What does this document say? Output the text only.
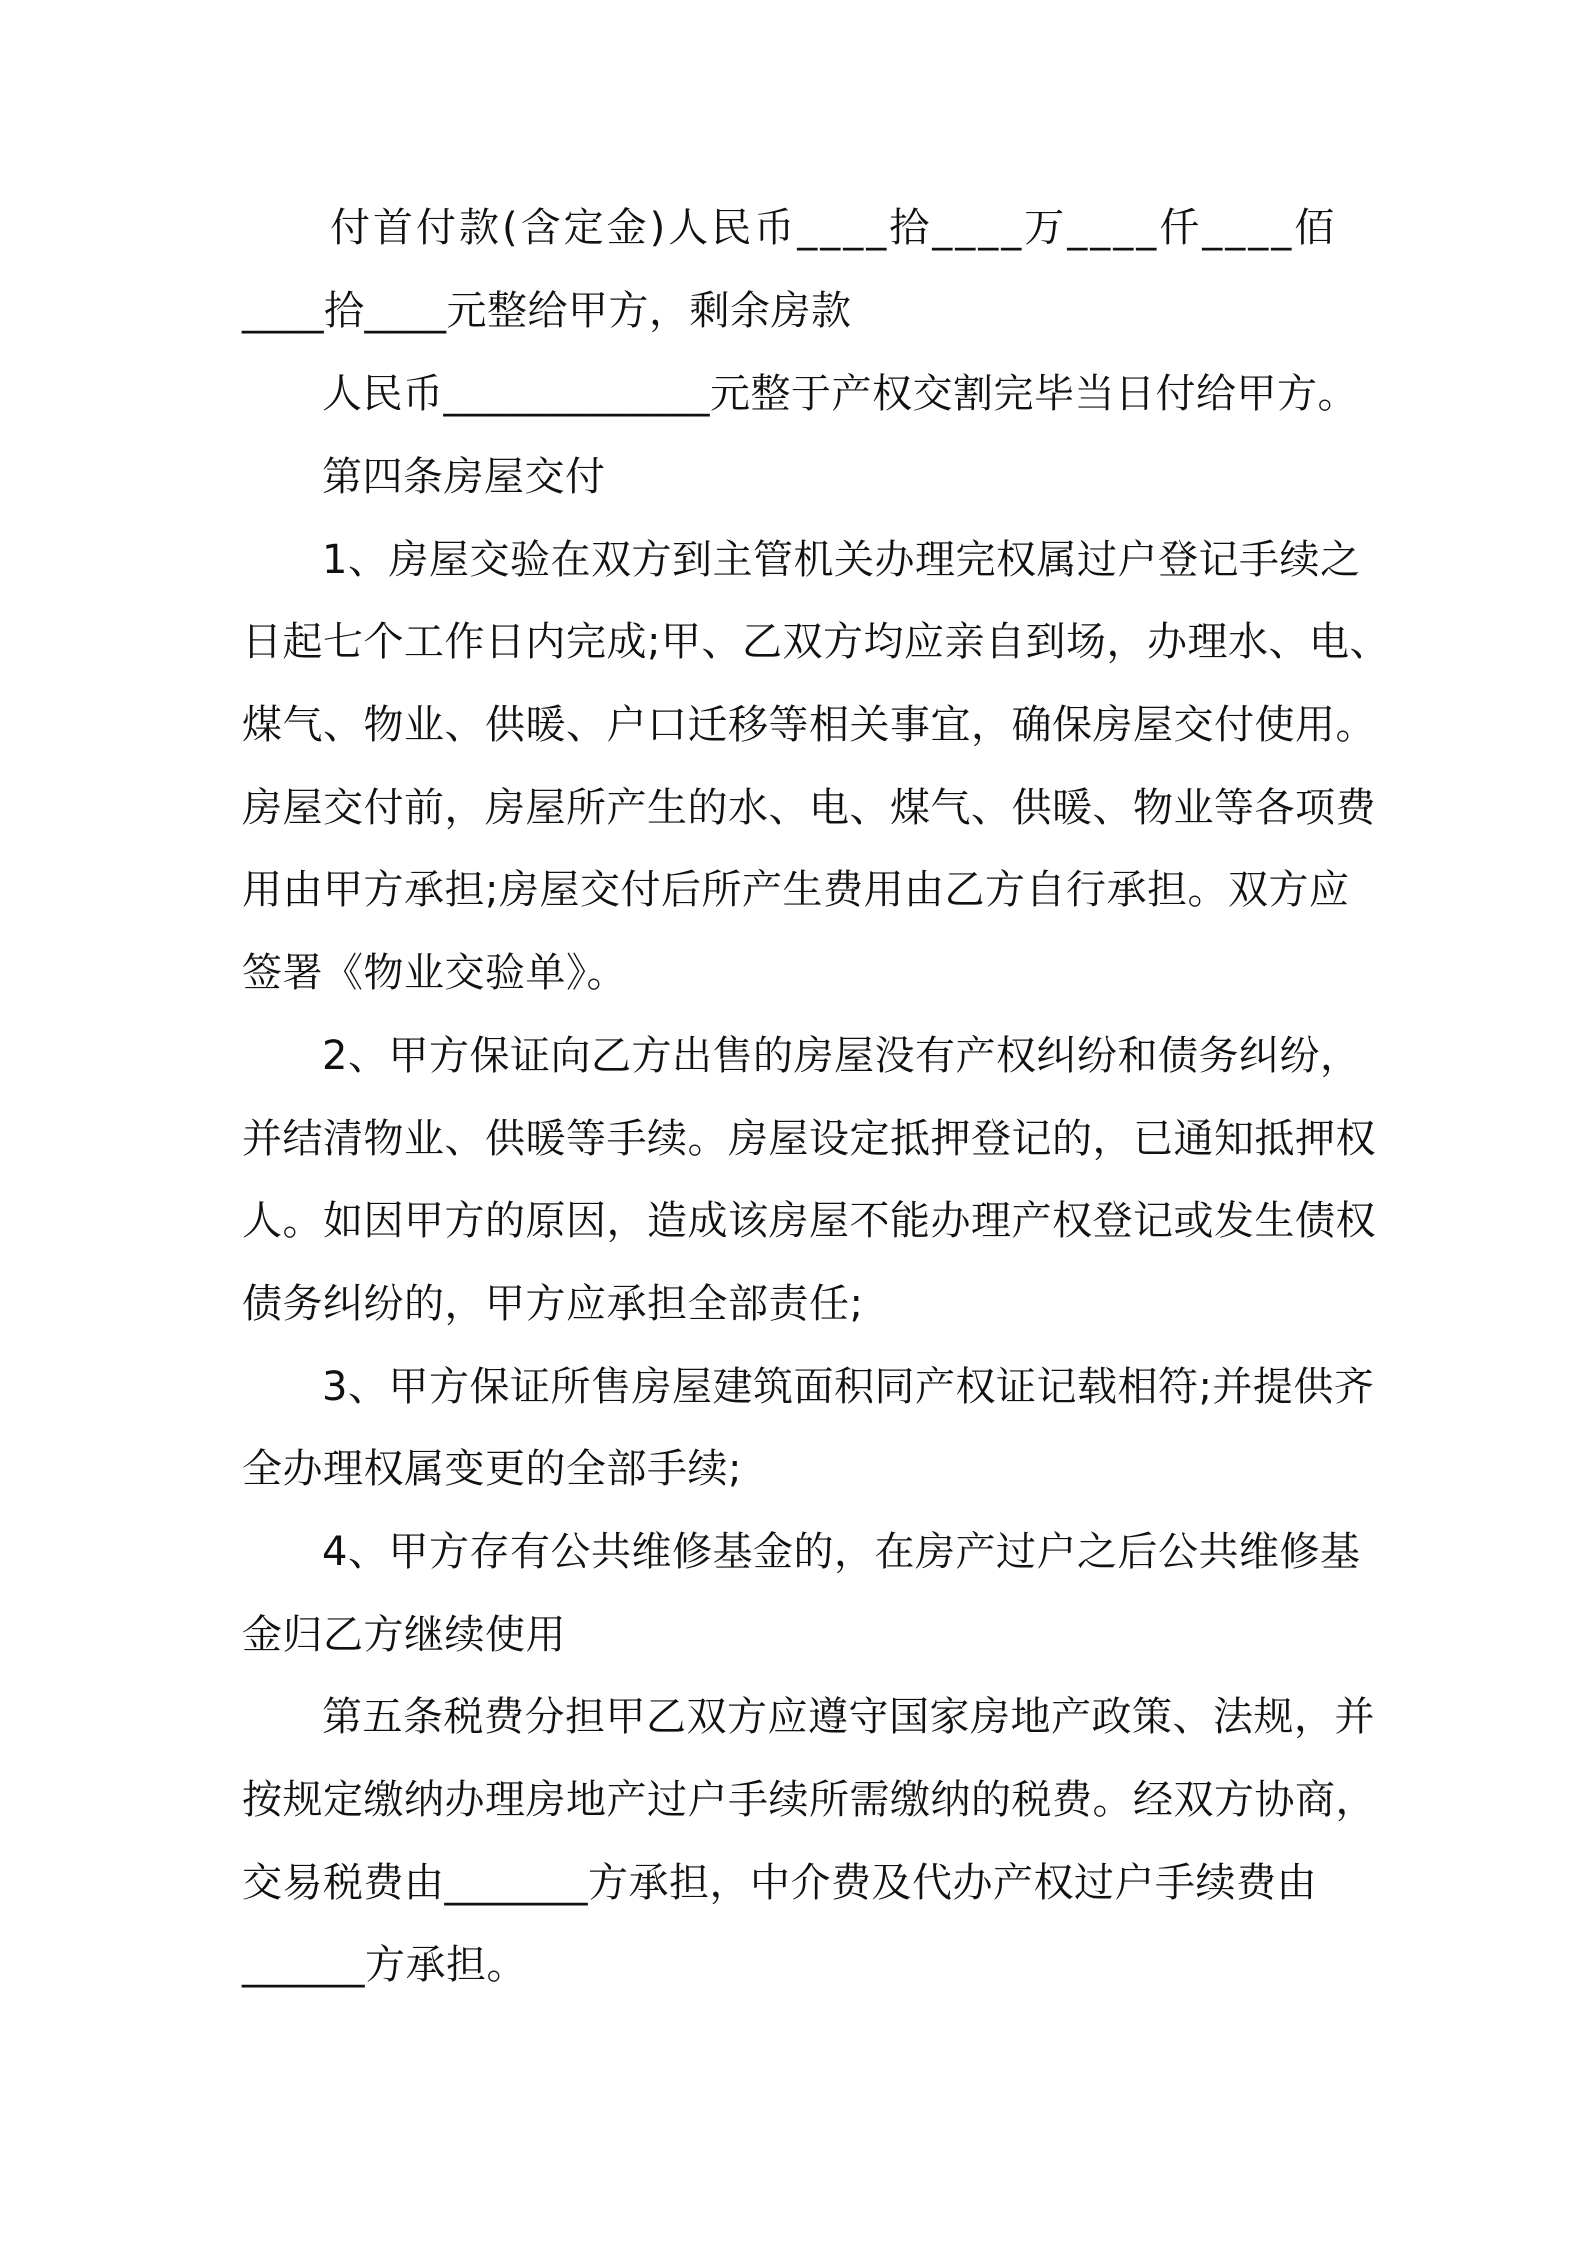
付首付款(含定金)人民币____拾____万____仟____佰
____拾____元整给甲方，剩余房款
人民币_____________元整于产权交割完毕当日付给甲方。
第四条房屋交付
1、房屋交验在双方到主管机关办理完权属过户登记手续之
日起七个工作日内完成;甲、乙双方均应亲自到场，办理水、电、
煤气、物业、供暖、户口迁移等相关事宜，确保房屋交付使用。
房屋交付前，房屋所产生的水、电、煤气、供暖、物业等各项费
用由甲方承担;房屋交付后所产生费用由乙方自行承担。双方应
签署《物业交验单》。
2、甲方保证向乙方出售的房屋没有产权纠纷和债务纠纷，
并结清物业、供暖等手续。房屋设定抵押登记的，已通知抵押权
人。如因甲方的原因，造成该房屋不能办理产权登记或发生债权
债务纠纷的，甲方应承担全部责任;
3、甲方保证所售房屋建筑面积同产权证记载相符;并提供齐
全办理权属变更的全部手续;
4、甲方存有公共维修基金的，在房产过户之后公共维修基
金归乙方继续使用
第五条税费分担甲乙双方应遵守国家房地产政策、法规，并
按规定缴纳办理房地产过户手续所需缴纳的税费。经双方协商，
交易税费由_______方承担，中介费及代办产权过户手续费由
______方承担。
